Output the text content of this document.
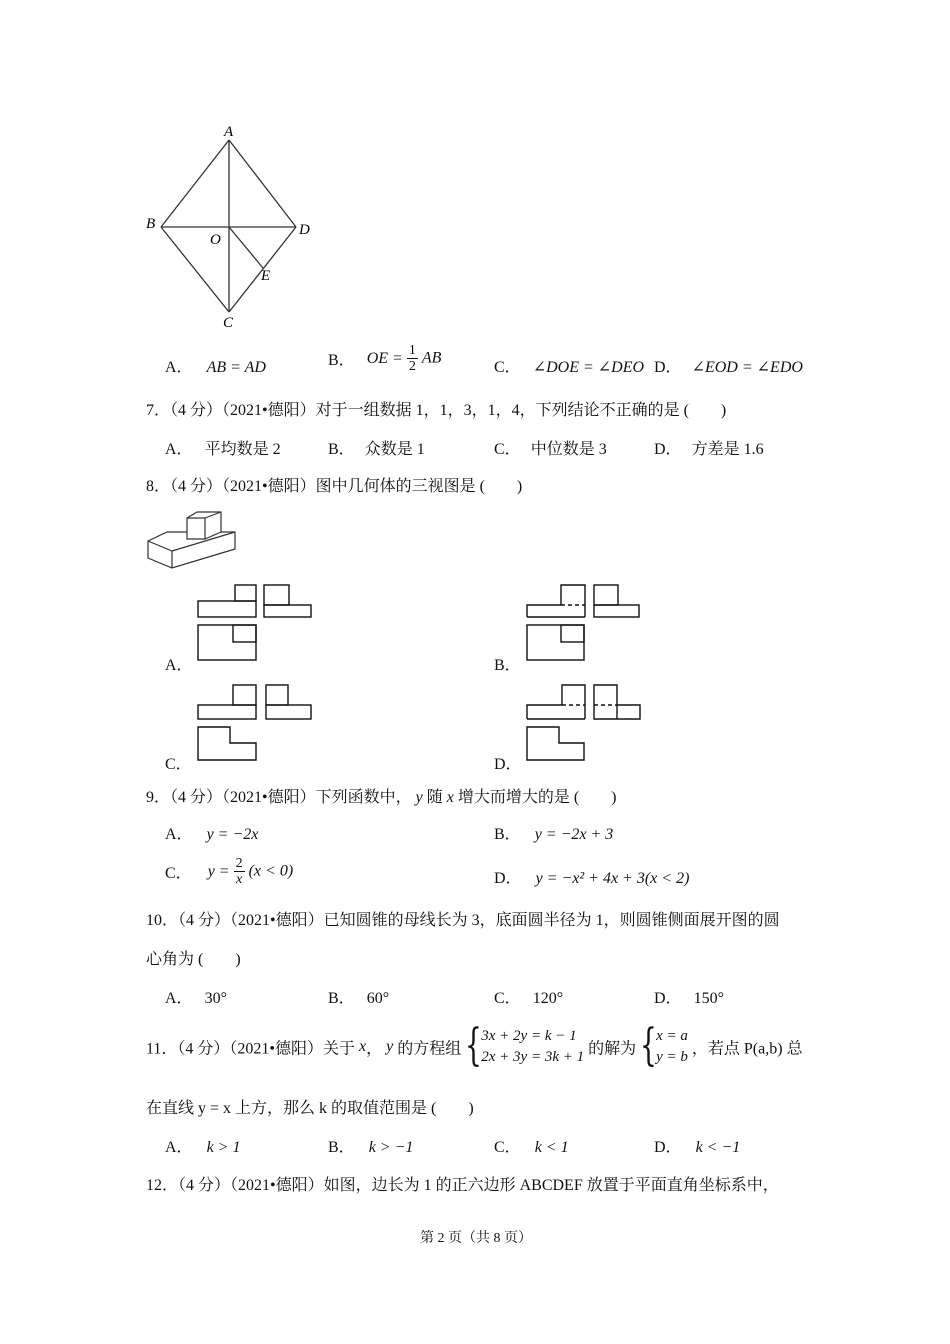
A
B
O
D
E
C
A． AB = AD	B． OE = $\frac{1}{2}$ AB
C． ∠DOE = ∠DEO D． ∠EOD = ∠EDO
7．（4 分）（2021•德阳）对于一组数据 1，1，3，1，4，下列结论不正确的是 (　　)
A． 平均数是 2	B． 众数是 1	C． 中位数是 3	D． 方差是 1.6
8．（4 分）（2021•德阳）图中几何体的三视图是 (　　)
A．	B．
C．	D．
9．（4 分）（2021•德阳）下列函数中， y 随 x 增大而增大的是 (　　)
A． y = −2x	B． y = −2x + 3
C． $y = \frac{2}{x} (x < 0)$	D． y = −x² + 4x + 3(x < 2)
10．（4 分）（2021•德阳）已知圆锥的母线长为 3，底面圆半径为 1，则圆锥侧面展开图的圆
心角为 (　　)
A． 30°	B． 60°	C． 120°	D． 150°
11．（4 分）（2021•德阳）关于 x， y 的方程组 { 3x + 2y = k − 1
2x + 3y = 3k + 1 的解为 { x = a
y = b ，若点 P(a,b) 总
在直线 y = x 上方，那么 k 的取值范围是 (　　)
A． k > 1	B． k > −1	C． k < 1	D． k < −1
12．（4 分）（2021•德阳）如图，边长为 1 的正六边形 ABCDEF 放置于平面直角坐标系中，
第 2 页（共 8 页）
